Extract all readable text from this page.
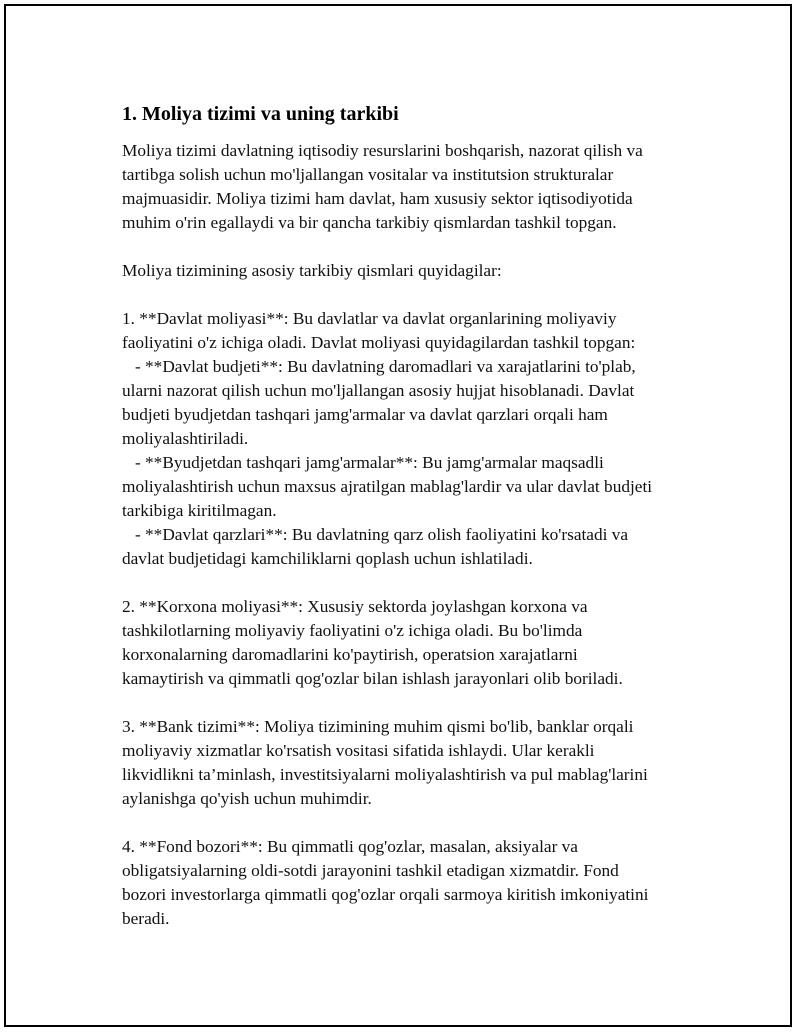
1. Moliya tizimi va uning tarkibi
Moliya tizimi davlatning iqtisodiy resurslarini boshqarish, nazorat qilish va
tartibga solish uchun mo'ljallangan vositalar va institutsion strukturalar
majmuasidir. Moliya tizimi ham davlat, ham xususiy sektor iqtisodiyotida
muhim o'rin egallaydi va bir qancha tarkibiy qismlardan tashkil topgan.
Moliya tizimining asosiy tarkibiy qismlari quyidagilar:
1. **Davlat moliyasi**: Bu davlatlar va davlat organlarining moliyaviy
faoliyatini o'z ichiga oladi. Davlat moliyasi quyidagilardan tashkil topgan:
- **Davlat budjeti**: Bu davlatning daromadlari va xarajatlarini to'plab,
ularni nazorat qilish uchun mo'ljallangan asosiy hujjat hisoblanadi. Davlat
budjeti byudjetdan tashqari jamg'armalar va davlat qarzlari orqali ham
moliyalashtiriladi.
- **Byudjetdan tashqari jamg'armalar**: Bu jamg'armalar maqsadli
moliyalashtirish uchun maxsus ajratilgan mablag'lardir va ular davlat budjeti
tarkibiga kiritilmagan.
- **Davlat qarzlari**: Bu davlatning qarz olish faoliyatini ko'rsatadi va
davlat budjetidagi kamchiliklarni qoplash uchun ishlatiladi.
2. **Korxona moliyasi**: Xususiy sektorda joylashgan korxona va
tashkilotlarning moliyaviy faoliyatini o'z ichiga oladi. Bu bo'limda
korxonalarning daromadlarini ko'paytirish, operatsion xarajatlarni
kamaytirish va qimmatli qog'ozlar bilan ishlash jarayonlari olib boriladi.
3. **Bank tizimi**: Moliya tizimining muhim qismi bo'lib, banklar orqali
moliyaviy xizmatlar ko'rsatish vositasi sifatida ishlaydi. Ular kerakli
likvidlikni ta’minlash, investitsiyalarni moliyalashtirish va pul mablag'larini
aylanishga qo'yish uchun muhimdir.
4. **Fond bozori**: Bu qimmatli qog'ozlar, masalan, aksiyalar va
obligatsiyalarning oldi-sotdi jarayonini tashkil etadigan xizmatdir. Fond
bozori investorlarga qimmatli qog'ozlar orqali sarmoya kiritish imkoniyatini
beradi.
